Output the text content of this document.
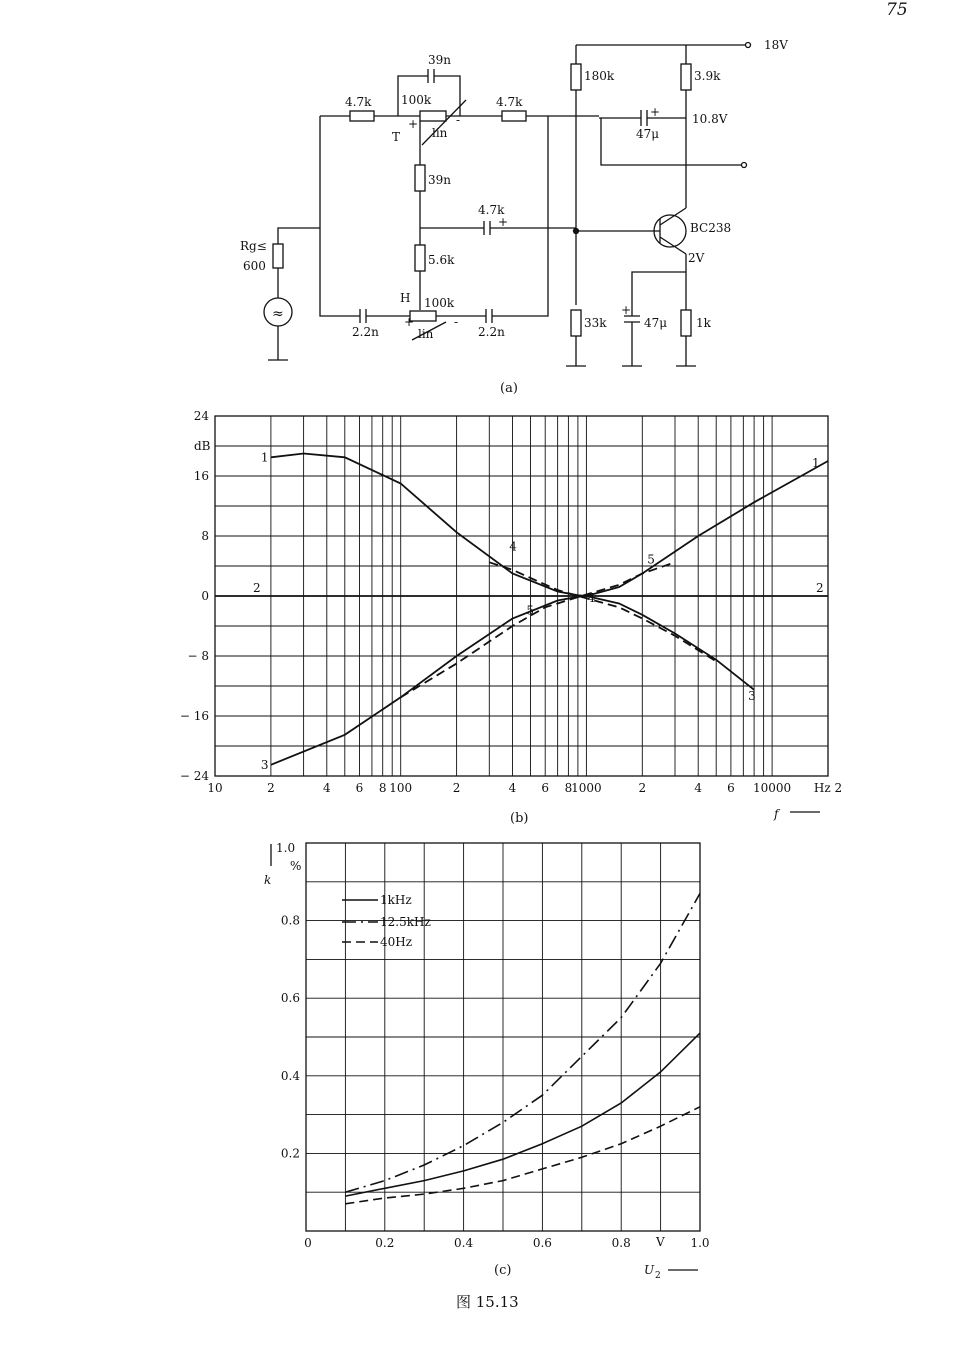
75
18V
180k	3.9k
10.8V
47μ
4.7k 100k
39n
lin
T
4.7k
39n
4.7k
BC238
2V
Rg≤
600	5.6k
H 100k
lin
2.2n	2.2n
33k	47μ 1k
+	-
+	-
+
+
+
≈
(a)
dB
24
16
8
0
− 8
− 16
− 24
10	2	4 6 8 100	2	4 6 8
1000	2	4 6 10000 Hz 2
1	1
2	2
3
3
4
4
5
5
f
(b)
1.0
%
k
0.2
0.4
0.6
0.8
0	0.2	0.4	0.6	0.8	1.0
V
U 2
1kHz
12.5kHz
40Hz
(c)
图 15.13
